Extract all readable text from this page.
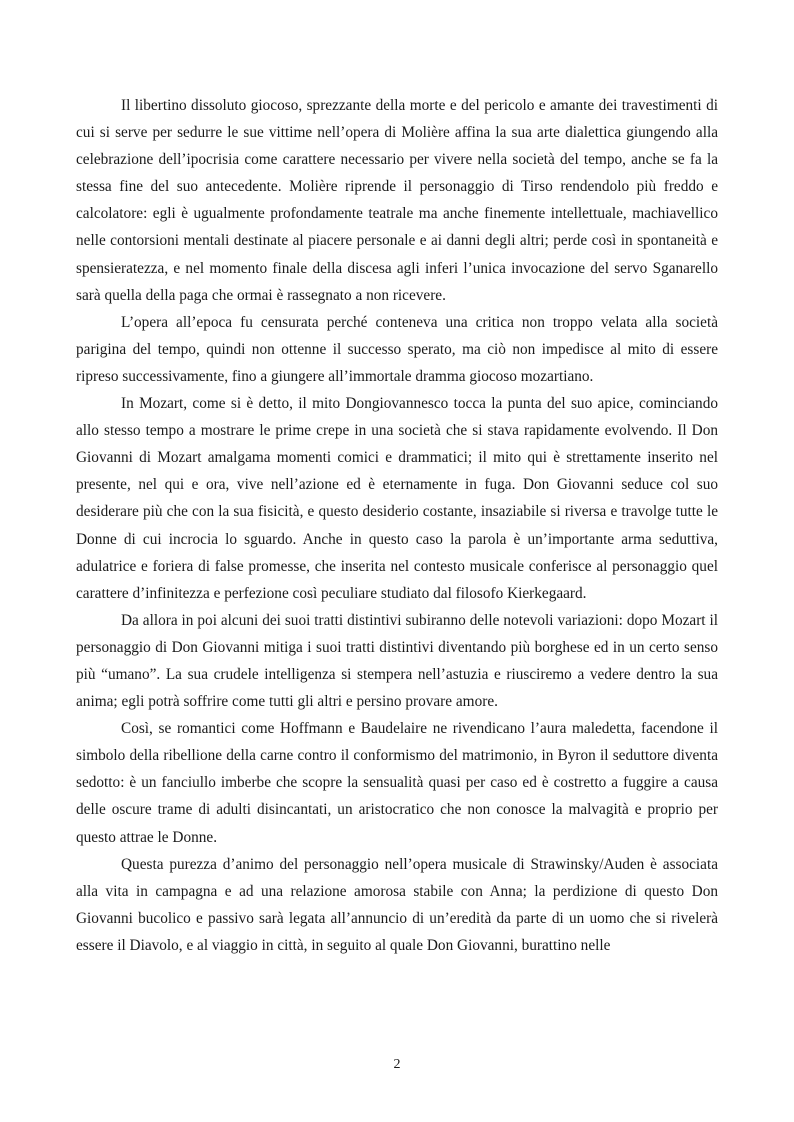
Il libertino dissoluto giocoso, sprezzante della morte e del pericolo e amante dei travestimenti di cui si serve per sedurre le sue vittime nell’opera di Molière affina la sua arte dialettica giungendo alla celebrazione dell’ipocrisia come carattere necessario per vivere nella società del tempo, anche se fa la stessa fine del suo antecedente. Molière riprende il personaggio di Tirso rendendolo più freddo e calcolatore: egli è ugualmente profondamente teatrale ma anche finemente intellettuale, machiavellico nelle contorsioni mentali destinate al piacere personale e ai danni degli altri; perde così in spontaneità e spensieratezza, e nel momento finale della discesa agli inferi l’unica invocazione del servo Sganarello sarà quella della paga che ormai è rassegnato a non ricevere.

L’opera all’epoca fu censurata perché conteneva una critica non troppo velata alla società parigina del tempo, quindi non ottenne il successo sperato, ma ciò non impedisce al mito di essere ripreso successivamente, fino a giungere all’immortale dramma giocoso mozartiano.

In Mozart, come si è detto, il mito Dongiovannesco tocca la punta del suo apice, cominciando allo stesso tempo a mostrare le prime crepe in una società che si stava rapidamente evolvendo. Il Don Giovanni di Mozart amalgama momenti comici e drammatici; il mito qui è strettamente inserito nel presente, nel qui e ora, vive nell’azione ed è eternamente in fuga. Don Giovanni seduce col suo desiderare più che con la sua fisicità, e questo desiderio costante, insaziabile si riversa e travolge tutte le Donne di cui incrocia lo sguardo. Anche in questo caso la parola è un’importante arma seduttiva, adulatrice e foriera di false promesse, che inserita nel contesto musicale conferisce al personaggio quel carattere d’infinitezza e perfezione così peculiare studiato dal filosofo Kierkegaard.

Da allora in poi alcuni dei suoi tratti distintivi subiranno delle notevoli variazioni: dopo Mozart il personaggio di Don Giovanni mitiga i suoi tratti distintivi diventando più borghese ed in un certo senso più “umano”. La sua crudele intelligenza si stempera nell’astuzia e riusciremo a vedere dentro la sua anima; egli potrà soffrire come tutti gli altri e persino provare amore.

Così, se romantici come Hoffmann e Baudelaire ne rivendicano l’aura maledetta, facendone il simbolo della ribellione della carne contro il conformismo del matrimonio, in Byron il seduttore diventa sedotto: è un fanciullo imberbe che scopre la sensualità quasi per caso ed è costretto a fuggire a causa delle oscure trame di adulti disincantati, un aristocratico che non conosce la malvagità e proprio per questo attrae le Donne.

Questa purezza d’animo del personaggio nell’opera musicale di Strawinsky/Auden è associata alla vita in campagna e ad una relazione amorosa stabile con Anna; la perdizione di questo Don Giovanni bucolico e passivo sarà legata all’annuncio di un’eredità da parte di un uomo che si rivelerà essere il Diavolo, e al viaggio in città, in seguito al quale Don Giovanni, burattino nelle

2
